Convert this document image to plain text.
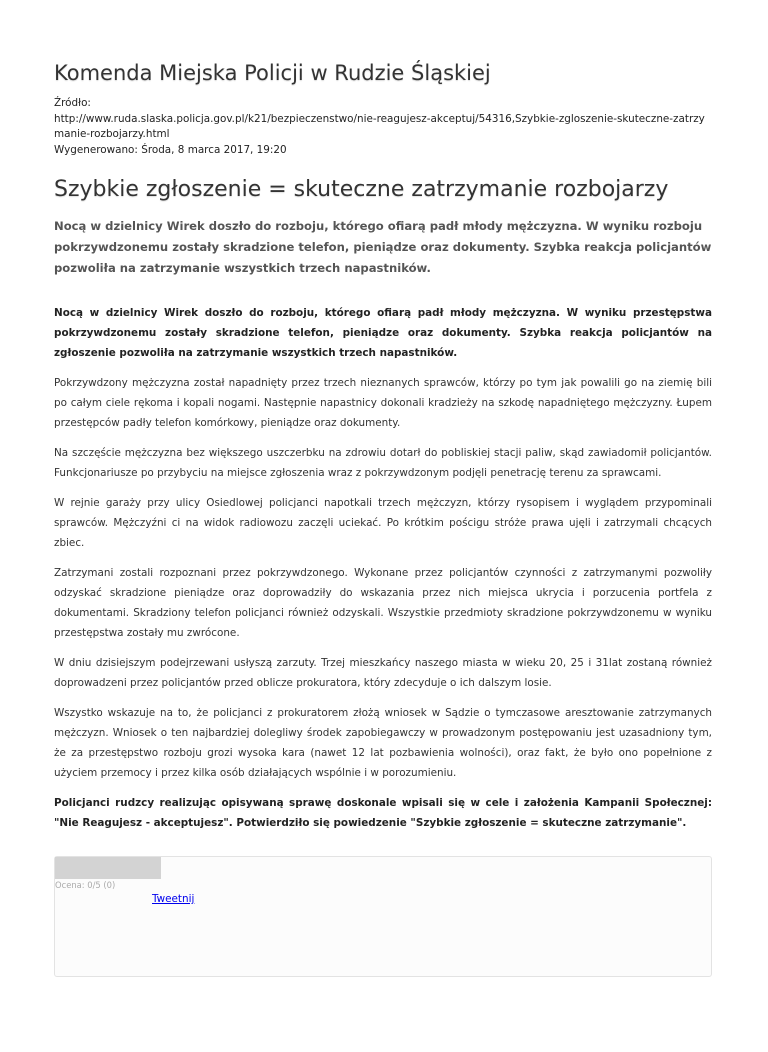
Komenda Miejska Policji w Rudzie Śląskiej
Źródło:
http://www.ruda.slaska.policja.gov.pl/k21/bezpieczenstwo/nie-reagujesz-akceptuj/54316,Szybkie-zgloszenie-skuteczne-zatrzymanie-rozbojarzy.html
Wygenerowano: Środa, 8 marca 2017, 19:20
Szybkie zgłoszenie = skuteczne zatrzymanie rozbojarzy
Nocą w dzielnicy Wirek doszło do rozboju, którego ofiarą padł młody mężczyzna. W wyniku rozboju pokrzywdzonemu zostały skradzione telefon, pieniądze oraz dokumenty. Szybka reakcja policjantów pozwoliła na zatrzymanie wszystkich trzech napastników.

Nocą w dzielnicy Wirek doszło do rozboju, którego ofiarą padł młody mężczyzna. W wyniku przestępstwa pokrzywdzonemu zostały skradzione telefon, pieniądze oraz dokumenty. Szybka reakcja policjantów na zgłoszenie pozwoliła na zatrzymanie wszystkich trzech napastników.

Pokrzywdzony mężczyzna został napadnięty przez trzech nieznanych sprawców, którzy po tym jak powalili go na ziemię bili po całym ciele rękoma i kopali nogami. Następnie napastnicy dokonali kradzieży na szkodę napadniętego mężczyzny. Łupem przestępców padły telefon komórkowy, pieniądze oraz dokumenty.

Na szczęście mężczyzna bez większego uszczerbku na zdrowiu dotarł do pobliskiej stacji paliw, skąd zawiadomił policjantów. Funkcjonariusze po przybyciu na miejsce zgłoszenia wraz z pokrzywdzonym podjęli penetrację terenu za sprawcami.

W rejnie garaży przy ulicy Osiedlowej policjanci napotkali trzech mężczyzn, którzy rysopisem i wyglądem przypominali sprawców. Mężczyźni ci na widok radiowozu zaczęli uciekać. Po krótkim pościgu stróże prawa ujęli i zatrzymali chcących zbiec.

Zatrzymani zostali rozpoznani przez pokrzywdzonego. Wykonane przez policjantów czynności z zatrzymanymi pozwoliły odzyskać skradzione pieniądze oraz doprowadziły do wskazania przez nich miejsca ukrycia i porzucenia portfela z dokumentami. Skradziony telefon policjanci również odzyskali. Wszystkie przedmioty skradzione pokrzywdzonemu w wyniku przestępstwa zostały mu zwrócone.

W dniu dzisiejszym podejrzewani usłyszą zarzuty. Trzej mieszkańcy naszego miasta w wieku 20, 25 i 31lat zostaną również doprowadzeni przez policjantów przed oblicze prokuratora, który zdecyduje o ich dalszym losie.

Wszystko wskazuje na to, że policjanci z prokuratorem złożą wniosek w Sądzie o tymczasowe aresztowanie zatrzymanych mężczyzn. Wniosek o ten najbardziej dolegliwy środek zapobiegawczy w prowadzonym postępowaniu jest uzasadniony tym, że za przestępstwo rozboju grozi wysoka kara (nawet 12 lat pozbawienia wolności), oraz fakt, że było ono popełnione z użyciem przemocy i przez kilka osób działających wspólnie i w porozumieniu.

Policjanci rudzcy realizując opisywaną sprawę doskonale wpisali się w cele i założenia Kampanii Społecznej: "Nie Reagujesz - akceptujesz". Potwierdziło się powiedzenie "Szybkie zgłoszenie = skuteczne zatrzymanie".

Ocena: 0/5 (0)
Tweetnij
